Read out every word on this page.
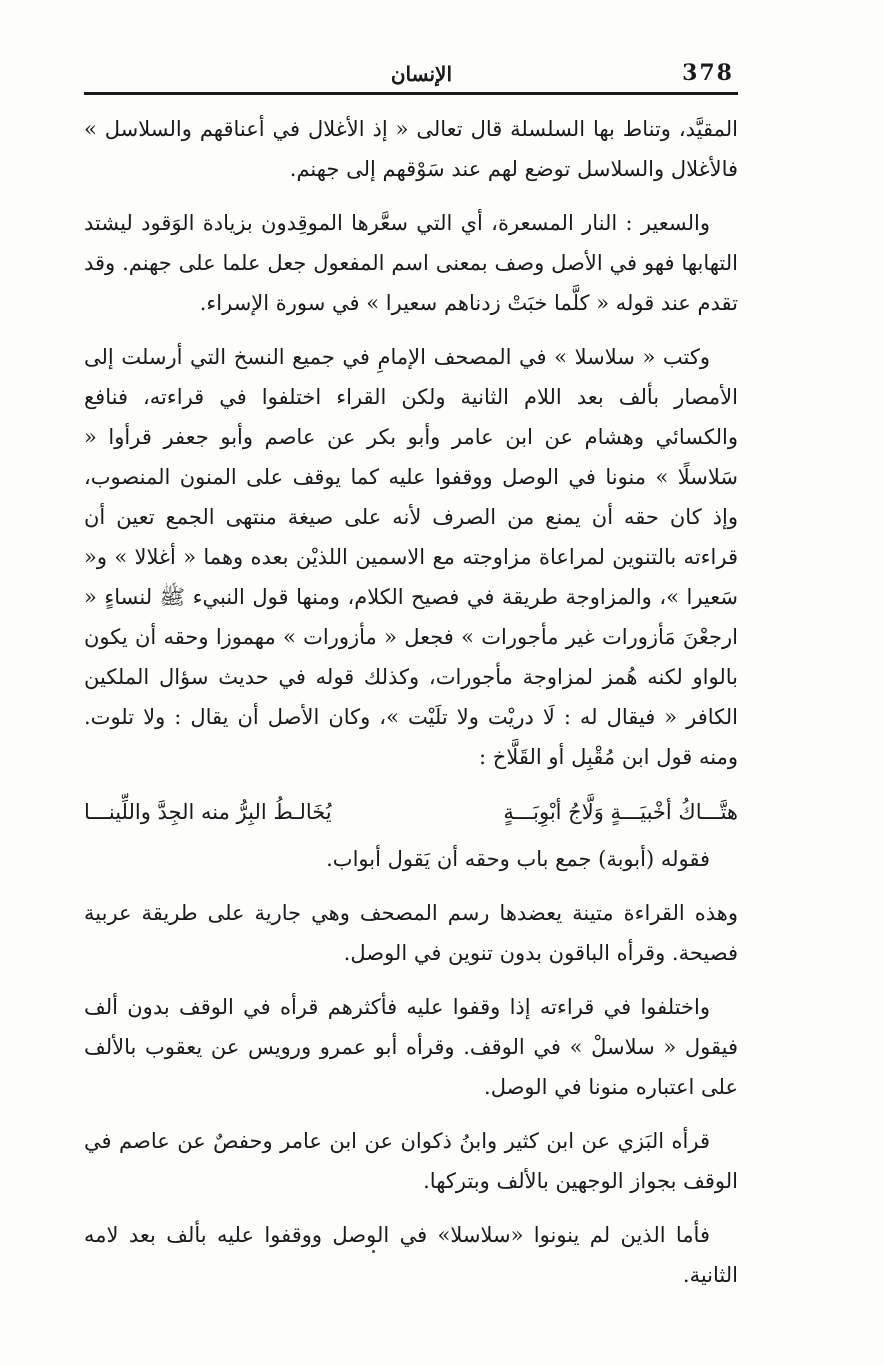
378
الإنسان

المقيَّد، وتناط بها السلسلة قال تعالى « إذ الأغلال في أعناقهم والسلاسل » فالأغلال والسلاسل توضع لهم عند سَوْقهم إلى جهنم.

والسعير : النار المسعرة، أي التي سعَّرها الموقِدون بزيادة الوَقود ليشتد التهابها فهو في الأصل وصف بمعنى اسم المفعول جعل علما على جهنم. وقد تقدم عند قوله « كلَّما خبَتْ زدناهم سعيرا » في سورة الإسراء.

وكتب « سلاسلا » في المصحف الإمامِ في جميع النسخ التي أرسلت إلى الأمصار بألف بعد اللام الثانية ولكن القراء اختلفوا في قراءته، فنافع والكسائي وهشام عن ابن عامر وأبو بكر عن عاصم وأبو جعفر قرأوا « سَلاسلًا » منونا في الوصل ووقفوا عليه كما يوقف على المنون المنصوب، وإذ كان حقه أن يمنع من الصرف لأنه على صيغة منتهى الجمع تعين أن قراءته بالتنوين لمراعاة مزاوجته مع الاسمين اللذيْن بعده وهما « أغلالا » و« سَعيرا »، والمزاوجة طريقة في فصيح الكلام، ومنها قول النبيء ﷺ لنساءٍ « ارجعْنَ مَأزورات غير مأجورات » فجعل « مأزورات » مهموزا وحقه أن يكون بالواو لكنه هُمز لمزاوجة مأجورات، وكذلك قوله في حديث سؤال الملكين الكافر « فيقال له : لَا دريْت ولا تلَيْت »، وكان الأصل أن يقال : ولا تلوت. ومنه قول ابن مُقْبِل أو القَلَّاخ :

هتَّـــاكُ أخْبيَـــةٍ وَلَّاجُ أبْوِبَـــةٍ
يُخَالـطُ البِرُّ منه الجِدَّ واللِّينـــا

فقوله (أبوبة) جمع باب وحقه أن يَقول أبواب.

وهذه القراءة متينة يعضدها رسم المصحف وهي جارية على طريقة عربية فصيحة. وقرأه الباقون بدون تنوين في الوصل.

واختلفوا في قراءته إذا وقفوا عليه فأكثرهم قرأه في الوقف بدون ألف فيقول « سلاسلْ » في الوقف. وقرأه أبو عمرو ورويس عن يعقوب بالألف على اعتباره منونا في الوصل.

قرأه البَزي عن ابن كثير وابنُ ذكوان عن ابن عامر وحفصٌ عن عاصم في الوقف بجواز الوجهين بالألف وبتركها.

فأما الذين لم ينونوا «سلاسلا» في الوصل ووقفوا عليه بألف بعد لامه الثانية.
